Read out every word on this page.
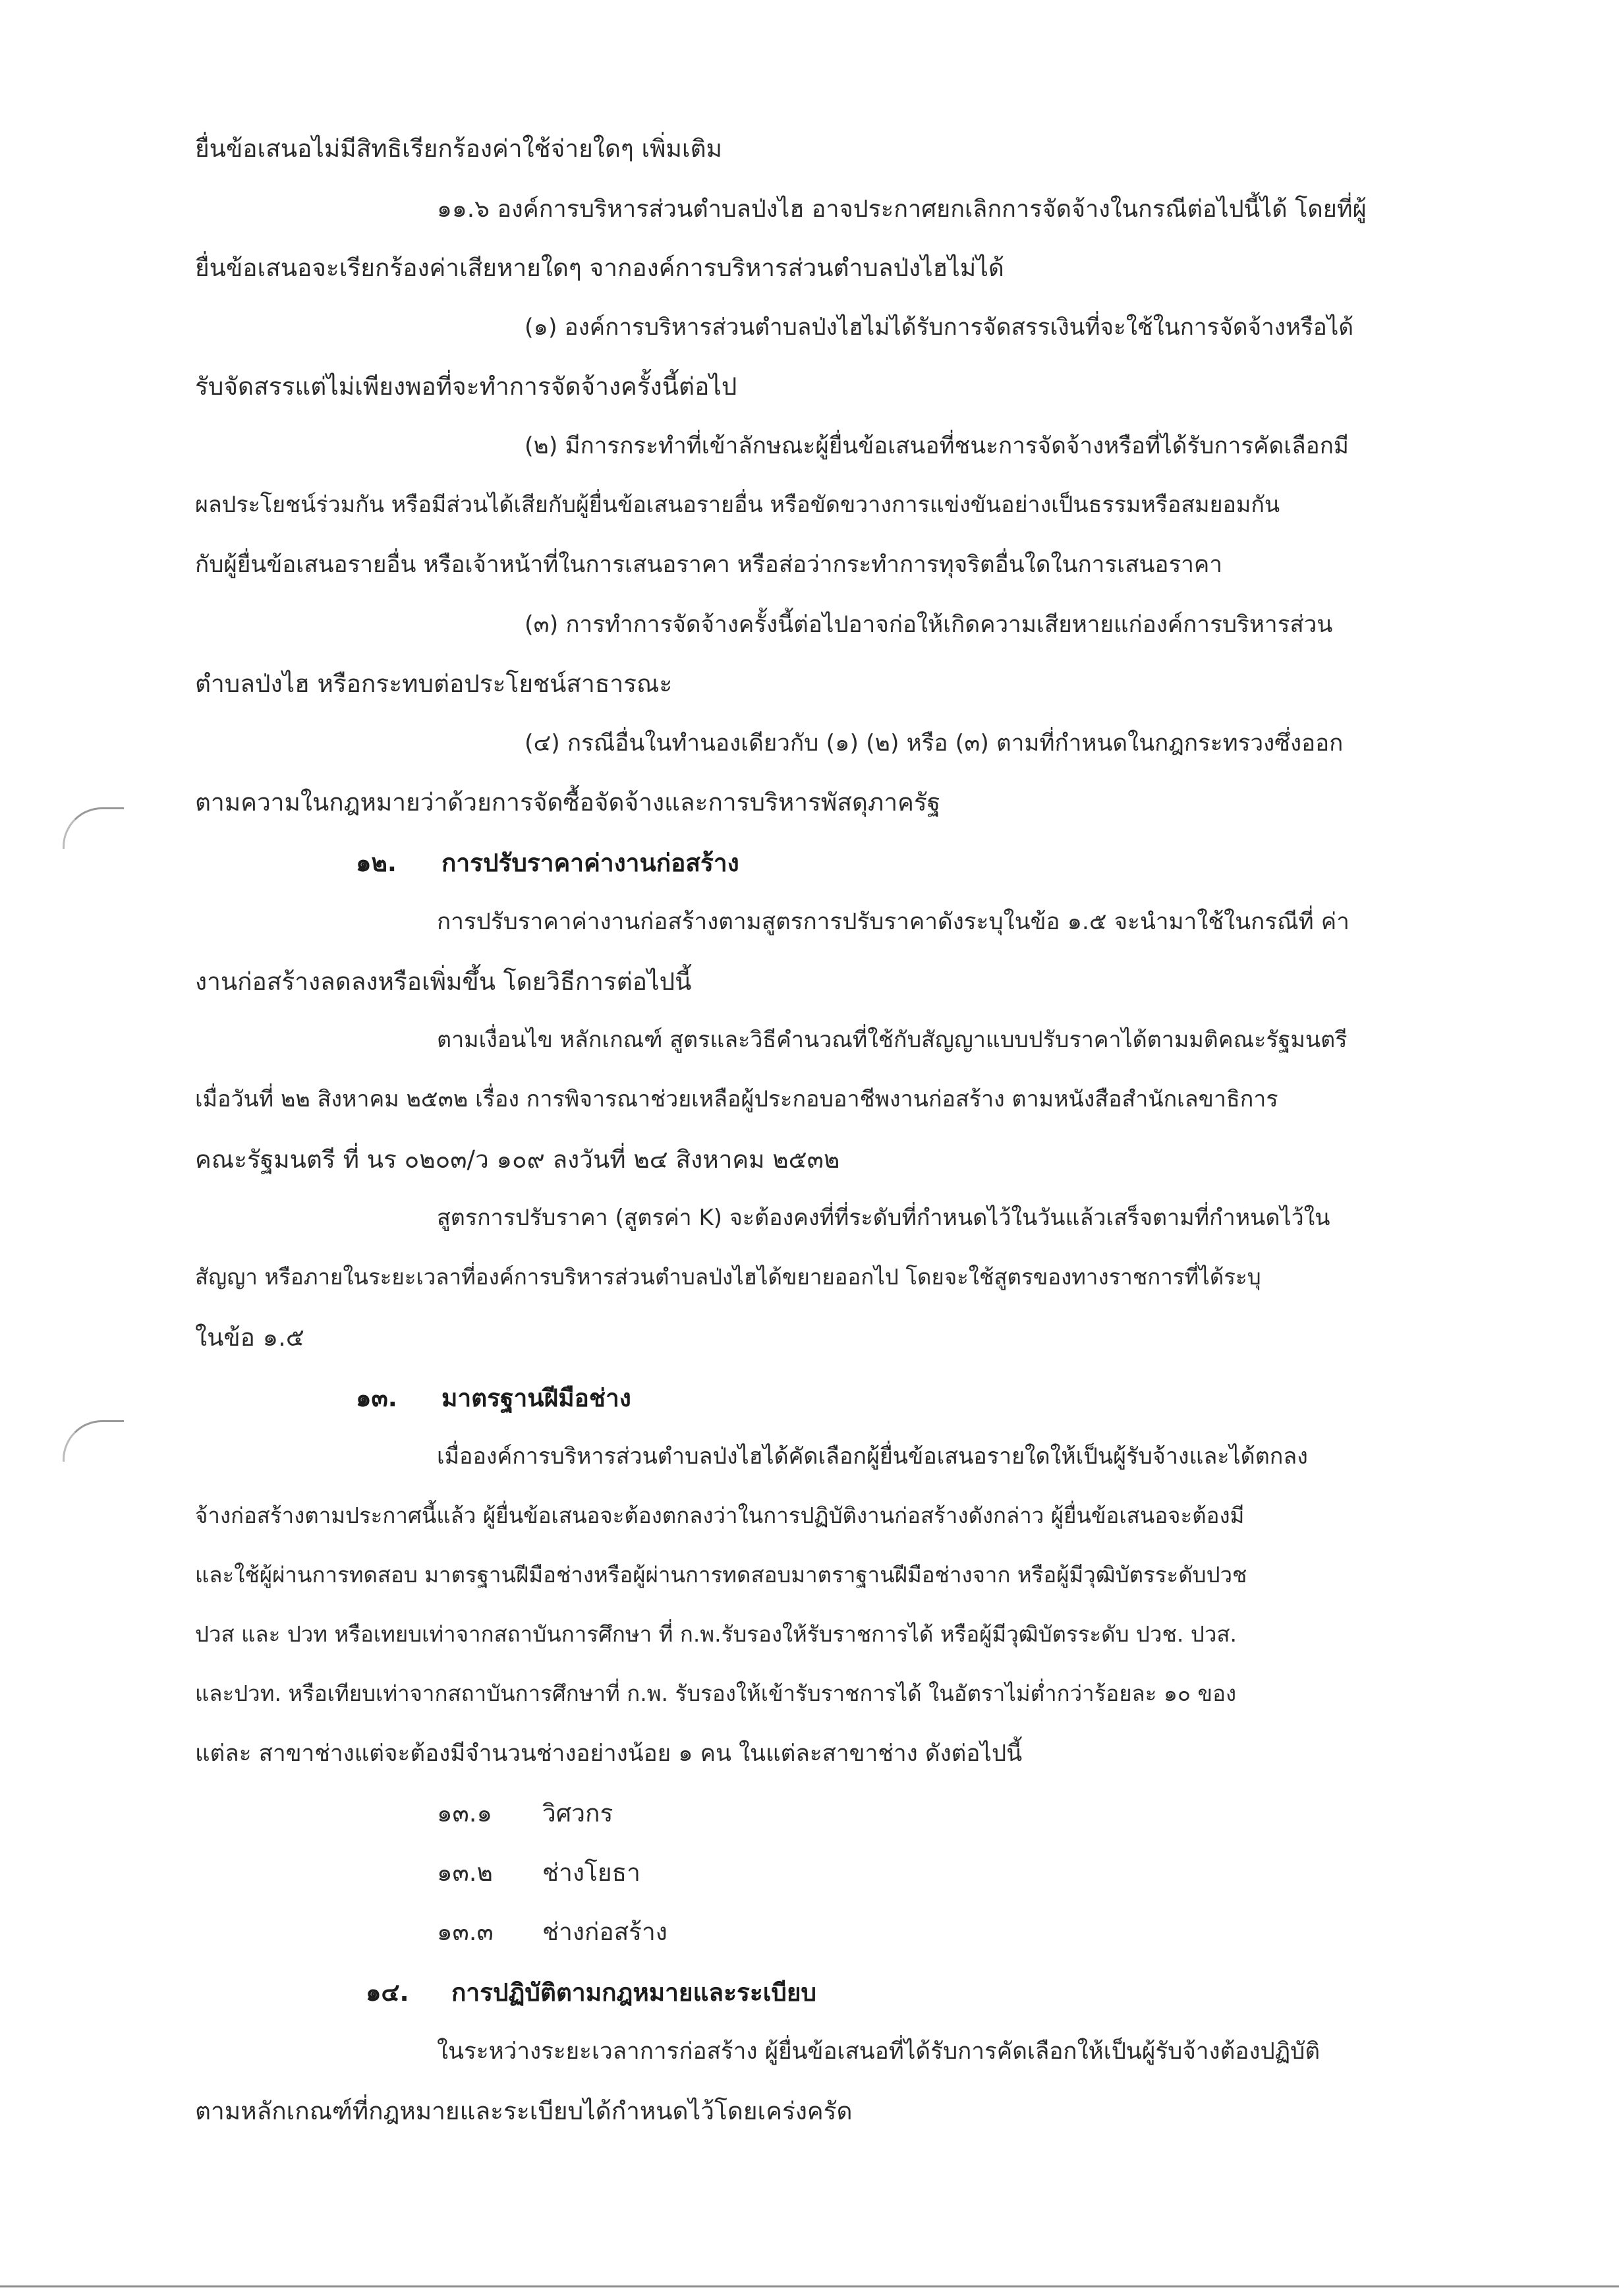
ยื่นข้อเสนอไม่มีสิทธิเรียกร้องค่าใช้จ่ายใดๆ เพิ่มเติม
๑๑.๖ องค์การบริหารส่วนตำบลป่งไฮ อาจประกาศยกเลิกการจัดจ้างในกรณีต่อไปนี้ได้ โดยที่ผู้
ยื่นข้อเสนอจะเรียกร้องค่าเสียหายใดๆ จากองค์การบริหารส่วนตำบลป่งไฮไม่ได้
(๑) องค์การบริหารส่วนตำบลป่งไฮไม่ได้รับการจัดสรรเงินที่จะใช้ในการจัดจ้างหรือได้
รับจัดสรรแต่ไม่เพียงพอที่จะทำการจัดจ้างครั้งนี้ต่อไป
(๒) มีการกระทำที่เข้าลักษณะผู้ยื่นข้อเสนอที่ชนะการจัดจ้างหรือที่ได้รับการคัดเลือกมี
ผลประโยชน์ร่วมกัน หรือมีส่วนได้เสียกับผู้ยื่นข้อเสนอรายอื่น หรือขัดขวางการแข่งขันอย่างเป็นธรรมหรือสมยอมกัน
กับผู้ยื่นข้อเสนอรายอื่น หรือเจ้าหน้าที่ในการเสนอราคา หรือส่อว่ากระทำการทุจริตอื่นใดในการเสนอราคา
(๓) การทำการจัดจ้างครั้งนี้ต่อไปอาจก่อให้เกิดความเสียหายแก่องค์การบริหารส่วน
ตำบลป่งไฮ หรือกระทบต่อประโยชน์สาธารณะ
(๔) กรณีอื่นในทำนองเดียวกับ (๑) (๒) หรือ (๓) ตามที่กำหนดในกฎกระทรวงซึ่งออก
ตามความในกฎหมายว่าด้วยการจัดซื้อจัดจ้างและการบริหารพัสดุภาครัฐ
๑๒. การปรับราคาค่างานก่อสร้าง
การปรับราคาค่างานก่อสร้างตามสูตรการปรับราคาดังระบุในข้อ ๑.๕ จะนำมาใช้ในกรณีที่ ค่า
งานก่อสร้างลดลงหรือเพิ่มขึ้น โดยวิธีการต่อไปนี้
ตามเงื่อนไข หลักเกณฑ์ สูตรและวิธีคำนวณที่ใช้กับสัญญาแบบปรับราคาได้ตามมติคณะรัฐมนตรี
เมื่อวันที่ ๒๒ สิงหาคม ๒๕๓๒ เรื่อง การพิจารณาช่วยเหลือผู้ประกอบอาชีพงานก่อสร้าง ตามหนังสือสำนักเลขาธิการ
คณะรัฐมนตรี ที่ นร ๐๒๐๓/ว ๑๐๙ ลงวันที่ ๒๔ สิงหาคม ๒๕๓๒
สูตรการปรับราคา (สูตรค่า K) จะต้องคงที่ที่ระดับที่กำหนดไว้ในวันแล้วเสร็จตามที่กำหนดไว้ใน
สัญญา หรือภายในระยะเวลาที่องค์การบริหารส่วนตำบลป่งไฮได้ขยายออกไป โดยจะใช้สูตรของทางราชการที่ได้ระบุ
ในข้อ ๑.๕
๑๓. มาตรฐานฝีมือช่าง
เมื่อองค์การบริหารส่วนตำบลป่งไฮได้คัดเลือกผู้ยื่นข้อเสนอรายใดให้เป็นผู้รับจ้างและได้ตกลง
จ้างก่อสร้างตามประกาศนี้แล้ว ผู้ยื่นข้อเสนอจะต้องตกลงว่าในการปฏิบัติงานก่อสร้างดังกล่าว ผู้ยื่นข้อเสนอจะต้องมี
และใช้ผู้ผ่านการทดสอบ มาตรฐานฝีมือช่างหรือผู้ผ่านการทดสอบมาตราฐานฝีมือช่างจาก หรือผู้มีวุฒิบัตรระดับปวช
ปวส และ ปวท หรือเทยบเท่าจากสถาบันการศึกษา ที่ ก.พ.รับรองให้รับราชการได้ หรือผู้มีวุฒิบัตรระดับ ปวช. ปวส.
และปวท. หรือเทียบเท่าจากสถาบันการศึกษาที่ ก.พ. รับรองให้เข้ารับราชการได้ ในอัตราไม่ต่ำกว่าร้อยละ ๑๐ ของ
แต่ละ สาขาช่างแต่จะต้องมีจำนวนช่างอย่างน้อย ๑ คน ในแต่ละสาขาช่าง ดังต่อไปนี้
๑๓.๑ วิศวกร
๑๓.๒ ช่างโยธา
๑๓.๓ ช่างก่อสร้าง
๑๔. การปฏิบัติตามกฎหมายและระเบียบ
ในระหว่างระยะเวลาการก่อสร้าง ผู้ยื่นข้อเสนอที่ได้รับการคัดเลือกให้เป็นผู้รับจ้างต้องปฏิบัติ
ตามหลักเกณฑ์ที่กฎหมายและระเบียบได้กำหนดไว้โดยเคร่งครัด
